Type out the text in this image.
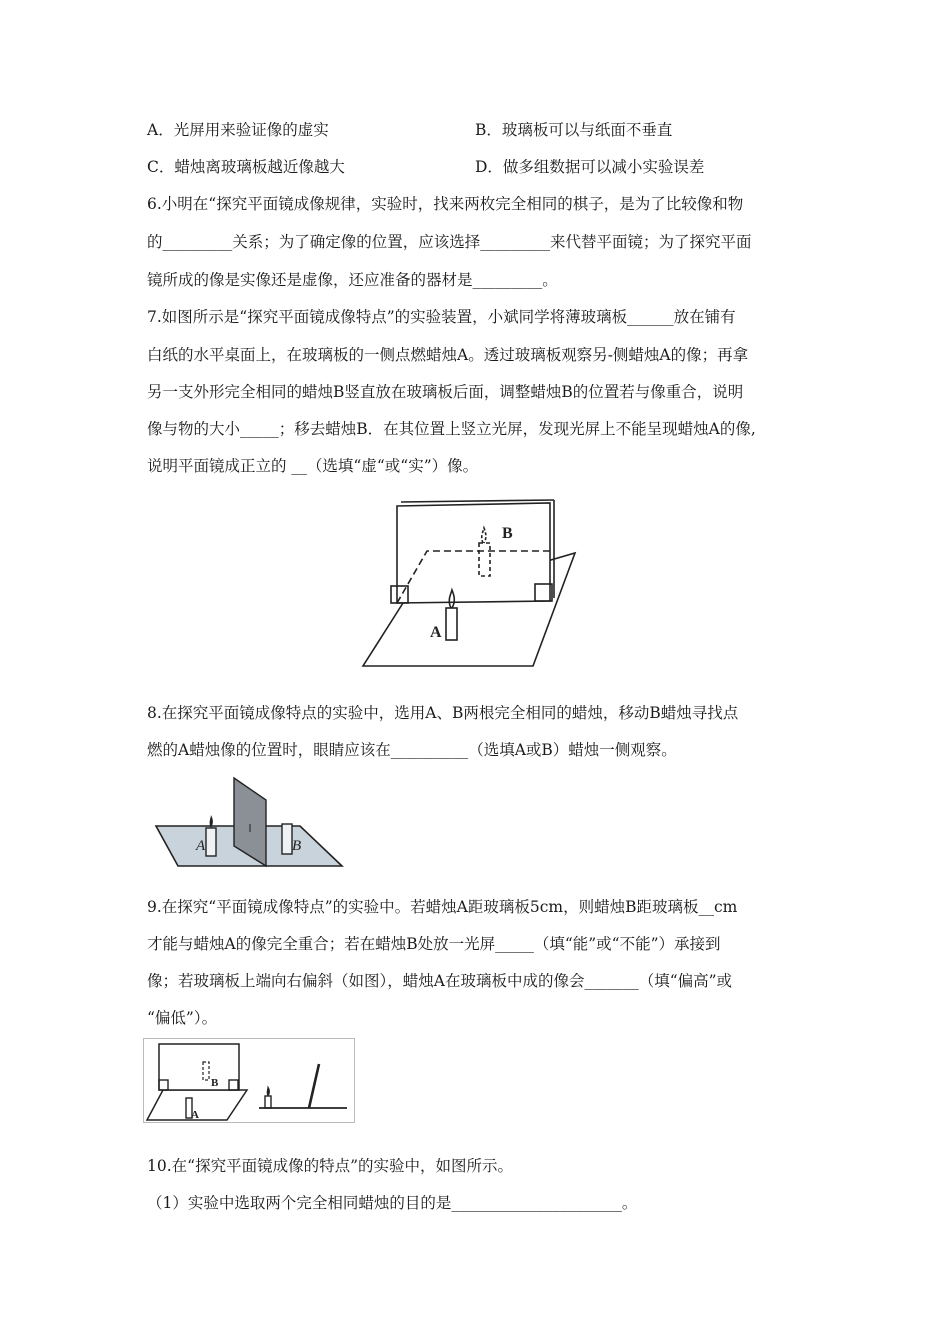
A．光屏用来验证像的虚实	B．玻璃板可以与纸面不垂直
C．蜡烛离玻璃板越近像越大	D．做多组数据可以减小实验误差
6.小明在“探究平面镜成像规律，实验时，找来两枚完全相同的棋子，是为了比较像和物
的_________关系；为了确定像的位置，应该选择_________来代替平面镜；为了探究平面
镜所成的像是实像还是虚像，还应准备的器材是_________。
7.如图所示是“探究平面镜成像特点”的实验装置，小斌同学将薄玻璃板______放在铺有
白纸的水平桌面上，在玻璃板的一侧点燃蜡烛A。透过玻璃板观察另-侧蜡烛A的像；再拿
另一支外形完全相同的蜡烛B竖直放在玻璃板后面，调整蜡烛B的位置若与像重合，说明
像与物的大小_____；移去蜡烛B．在其位置上竖立光屏，发现光屏上不能呈现蜡烛A的像,
说明平面镜成正立的 __（选填“虚“或“实”）像。
A
B
8.在探究平面镜成像特点的实验中，选用A、B两根完全相同的蜡烛，移动B蜡烛寻找点
燃的A蜡烛像的位置时，眼睛应该在__________（选填A或B）蜡烛一侧观察。
A	B
9.在探究“平面镜成像特点”的实验中。若蜡烛A距玻璃板5cm，则蜡烛B距玻璃板__cm
才能与蜡烛A的像完全重合；若在蜡烛B处放一光屏_____（填“能”或“不能”）承接到
像；若玻璃板上端向右偏斜（如图），蜡烛A在玻璃板中成的像会_______（填“偏高”或
“偏低”）。
A
B
10.在“探究平面镜成像的特点”的实验中，如图所示。
（1）实验中选取两个完全相同蜡烛的目的是______________________。
